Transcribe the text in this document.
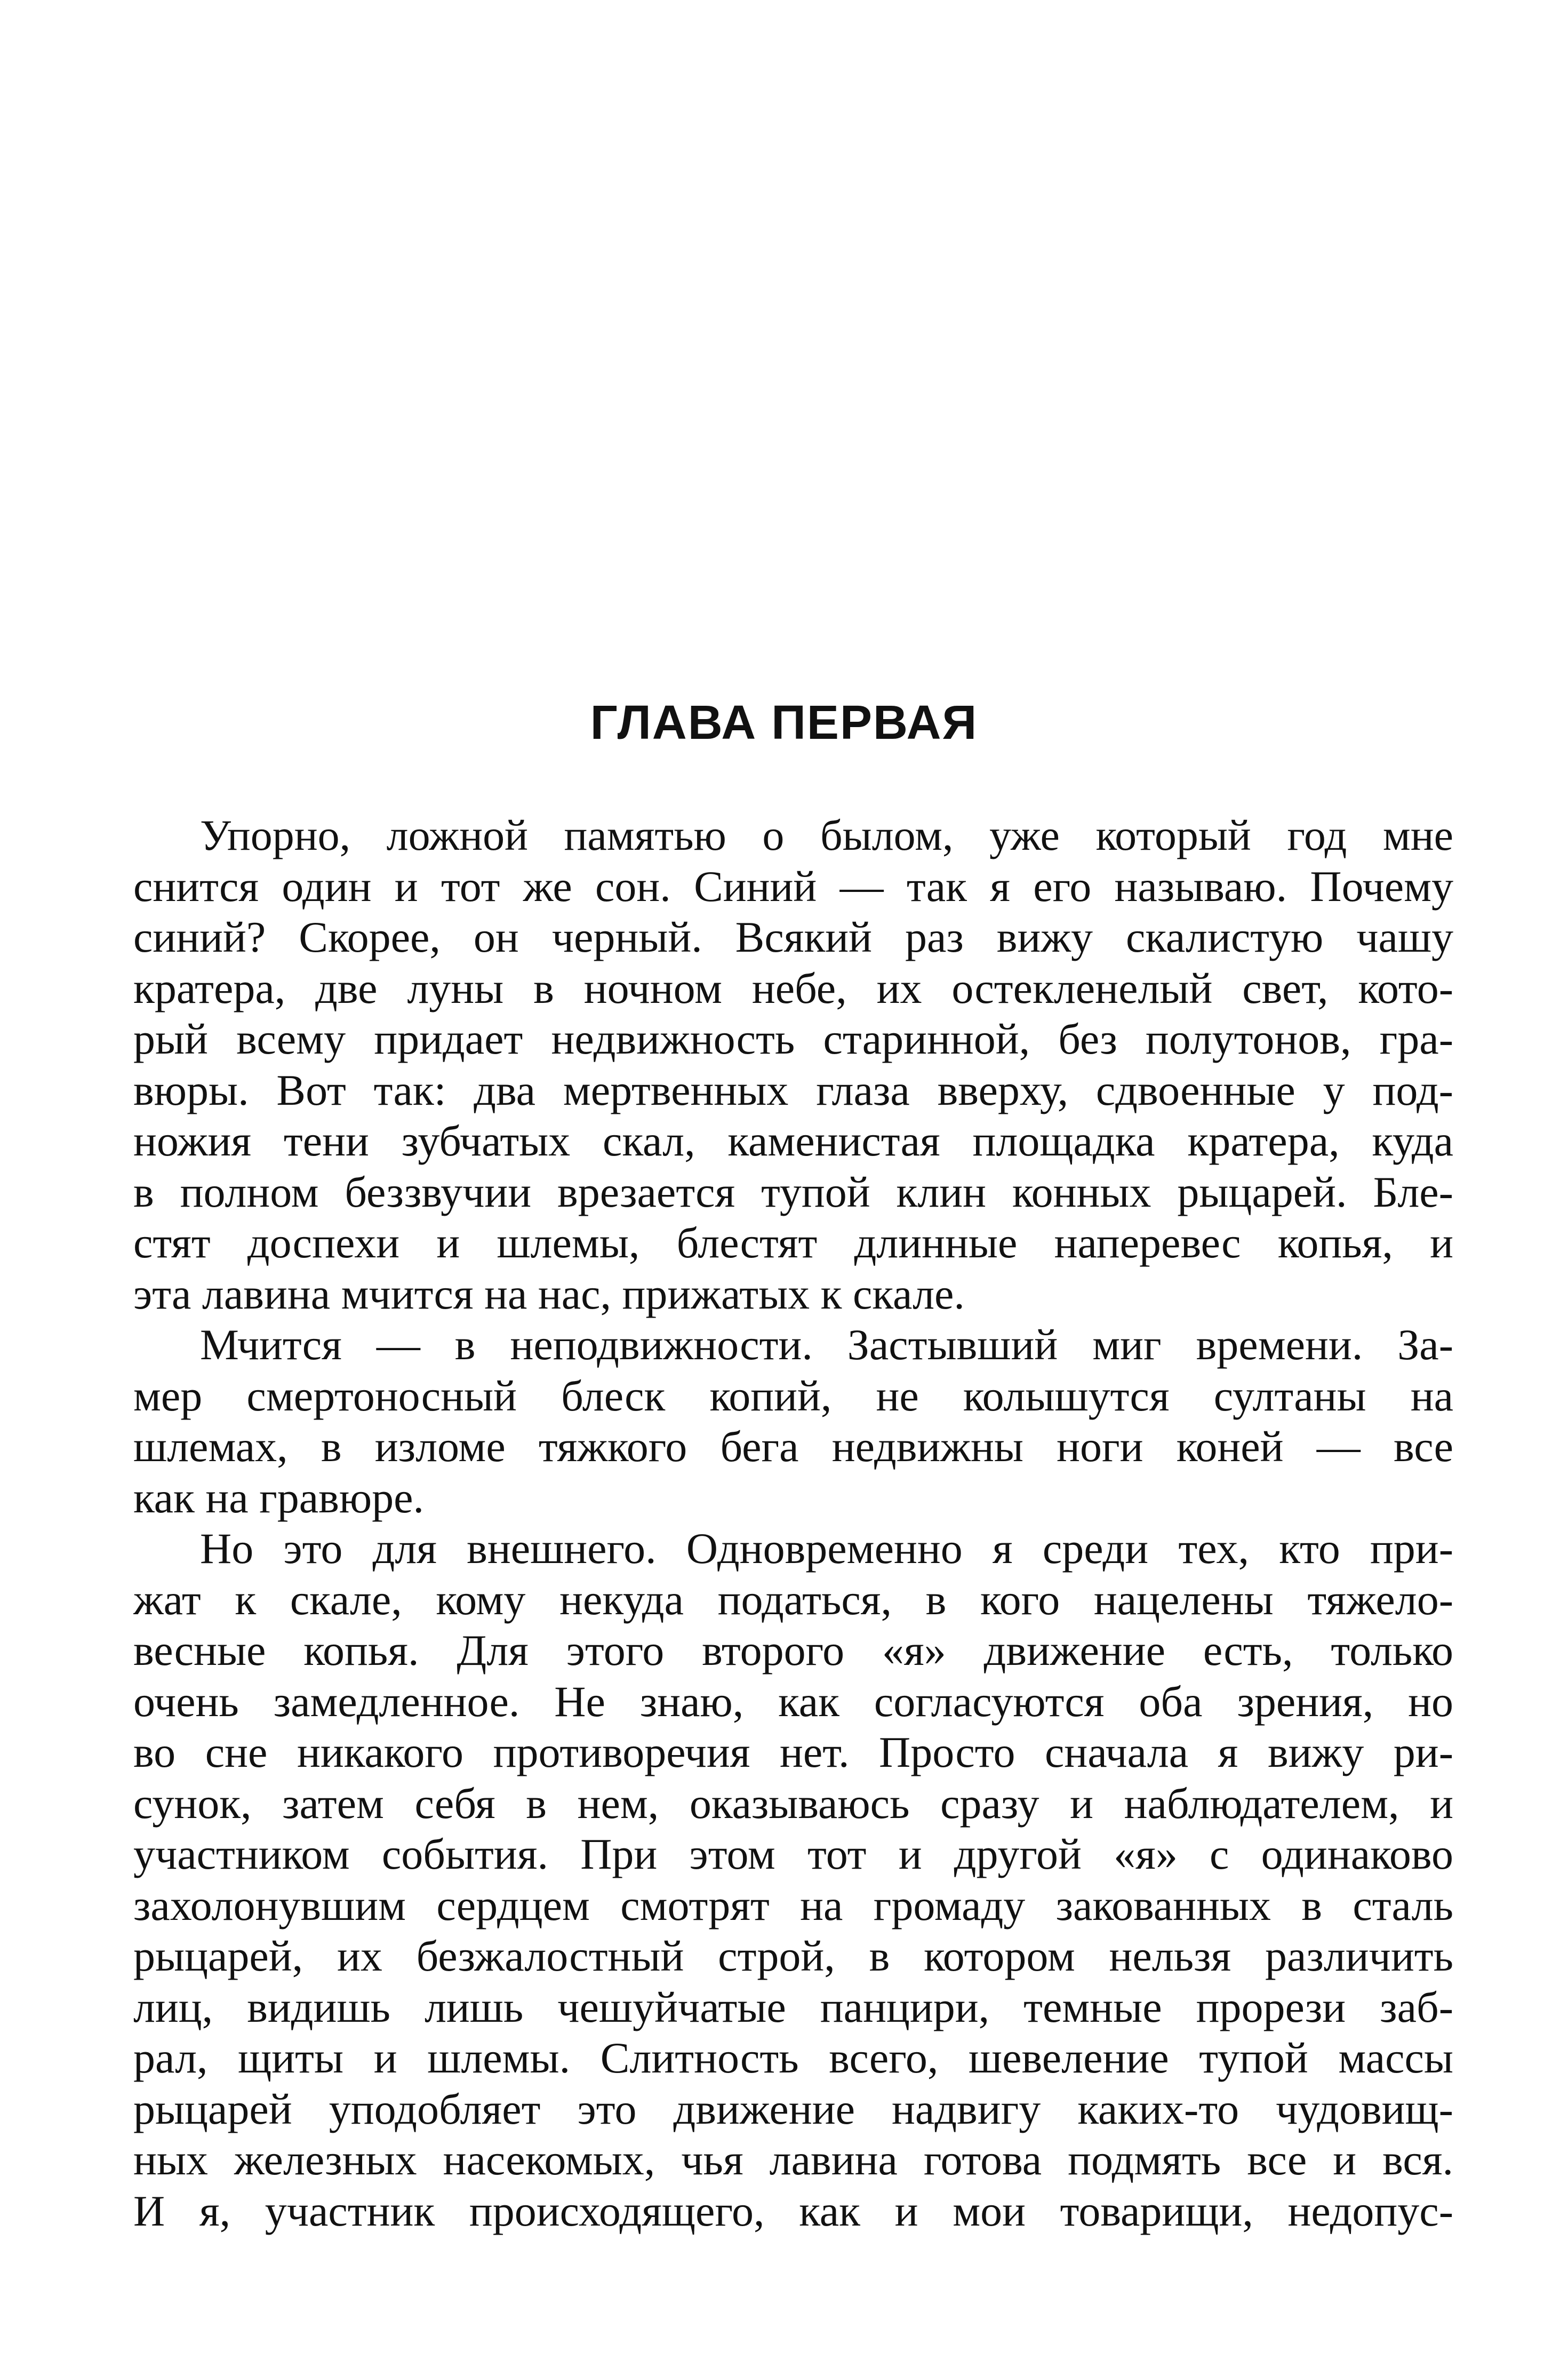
ГЛАВА ПЕРВАЯ
Упорно, ложной памятью о былом, уже который год мне
снится один и тот же сон. Синий — так я его называю. Почему
синий? Скорее, он черный. Всякий раз вижу скалистую чашу
кратера, две луны в ночном небе, их остекленелый свет, кото-
рый всему придает недвижность старинной, без полутонов, гра-
вюры. Вот так: два мертвенных глаза вверху, сдвоенные у под-
ножия тени зубчатых скал, каменистая площадка кратера, куда
в полном беззвучии врезается тупой клин конных рыцарей. Бле-
стят доспехи и шлемы, блестят длинные наперевес копья, и
эта лавина мчится на нас, прижатых к скале.
Мчится — в неподвижности. Застывший миг времени. За-
мер смертоносный блеск копий, не колышутся султаны на
шлемах, в изломе тяжкого бега недвижны ноги коней — все
как на гравюре.
Но это для внешнего. Одновременно я среди тех, кто при-
жат к скале, кому некуда податься, в кого нацелены тяжело-
весные копья. Для этого второго «я» движение есть, только
очень замедленное. Не знаю, как согласуются оба зрения, но
во сне никакого противоречия нет. Просто сначала я вижу ри-
сунок, затем себя в нем, оказываюсь сразу и наблюдателем, и
участником события. При этом тот и другой «я» с одинаково
захолонувшим сердцем смотрят на громаду закованных в сталь
рыцарей, их безжалостный строй, в котором нельзя различить
лиц, видишь лишь чешуйчатые панцири, темные прорези заб-
рал, щиты и шлемы. Слитность всего, шевеление тупой массы
рыцарей уподобляет это движение надвигу каких-то чудовищ-
ных железных насекомых, чья лавина готова подмять все и вся.
И я, участник происходящего, как и мои товарищи, недопус-
